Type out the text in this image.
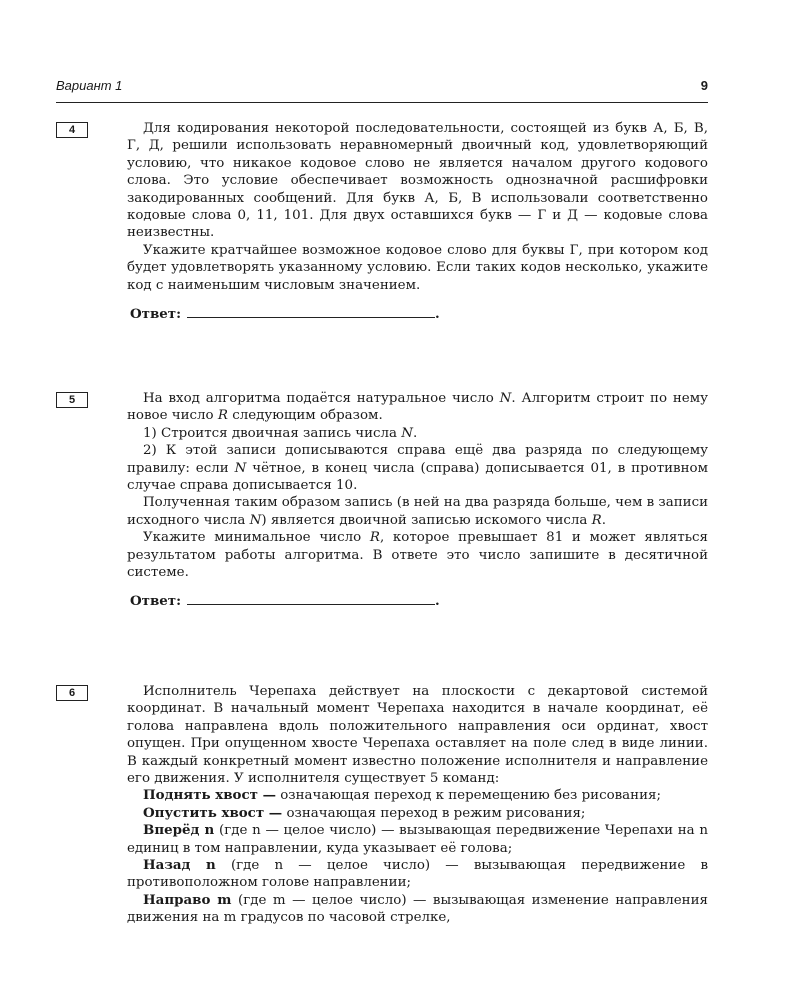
Вариант 1	9
4	Для кодирования некоторой последовательности, состоящей из букв А, Б, В, Г, Д, решили использовать неравномерный двоичный код, удовлетворяющий условию, что никакое кодовое слово не является началом другого кодового слова. Это условие обеспечивает возможность однозначной расшифровки закодированных сообщений. Для букв А, Б, В использовали соответственно кодовые слова 0, 11, 101. Для двух оставшихся букв — Г и Д — кодовые слова неизвестны.

Укажите кратчайшее возможное кодовое слово для буквы Г, при котором код будет удовлетворять указанному условию. Если таких кодов несколько, укажите код с наименьшим числовым значением.

Ответ:	.
5	На вход алгоритма подаётся натуральное число N. Алгоритм строит по нему новое число R следующим образом.

1) Строится двоичная запись числа N.

2) К этой записи дописываются справа ещё два разряда по следующему правилу: если N чётное, в конец числа (справа) дописывается 01, в противном случае справа дописывается 10.

Полученная таким образом запись (в ней на два разряда больше, чем в записи исходного числа N) является двоичной записью искомого числа R.

Укажите минимальное число R, которое превышает 81 и может являться результатом работы алгоритма. В ответе это число запишите в десятичной системе.

Ответ:	.
6	Исполнитель Черепаха действует на плоскости с декартовой системой координат. В начальный момент Черепаха находится в начале координат, её голова направлена вдоль положительного направления оси ординат, хвост опущен. При опущенном хвосте Черепаха оставляет на поле след в виде линии. В каждый конкретный момент известно положение исполнителя и направление его движения. У исполнителя существует 5 команд:

Поднять хвост — означающая переход к перемещению без рисования;

Опустить хвост — означающая переход в режим рисования;

Вперёд n (где n — целое число) — вызывающая передвижение Черепахи на n единиц в том направлении, куда указывает её голова;

Назад n (где n — целое число) — вызывающая передвижение в противоположном голове направлении;

Направо m (где m — целое число) — вызывающая изменение направления движения на m градусов по часовой стрелке,
